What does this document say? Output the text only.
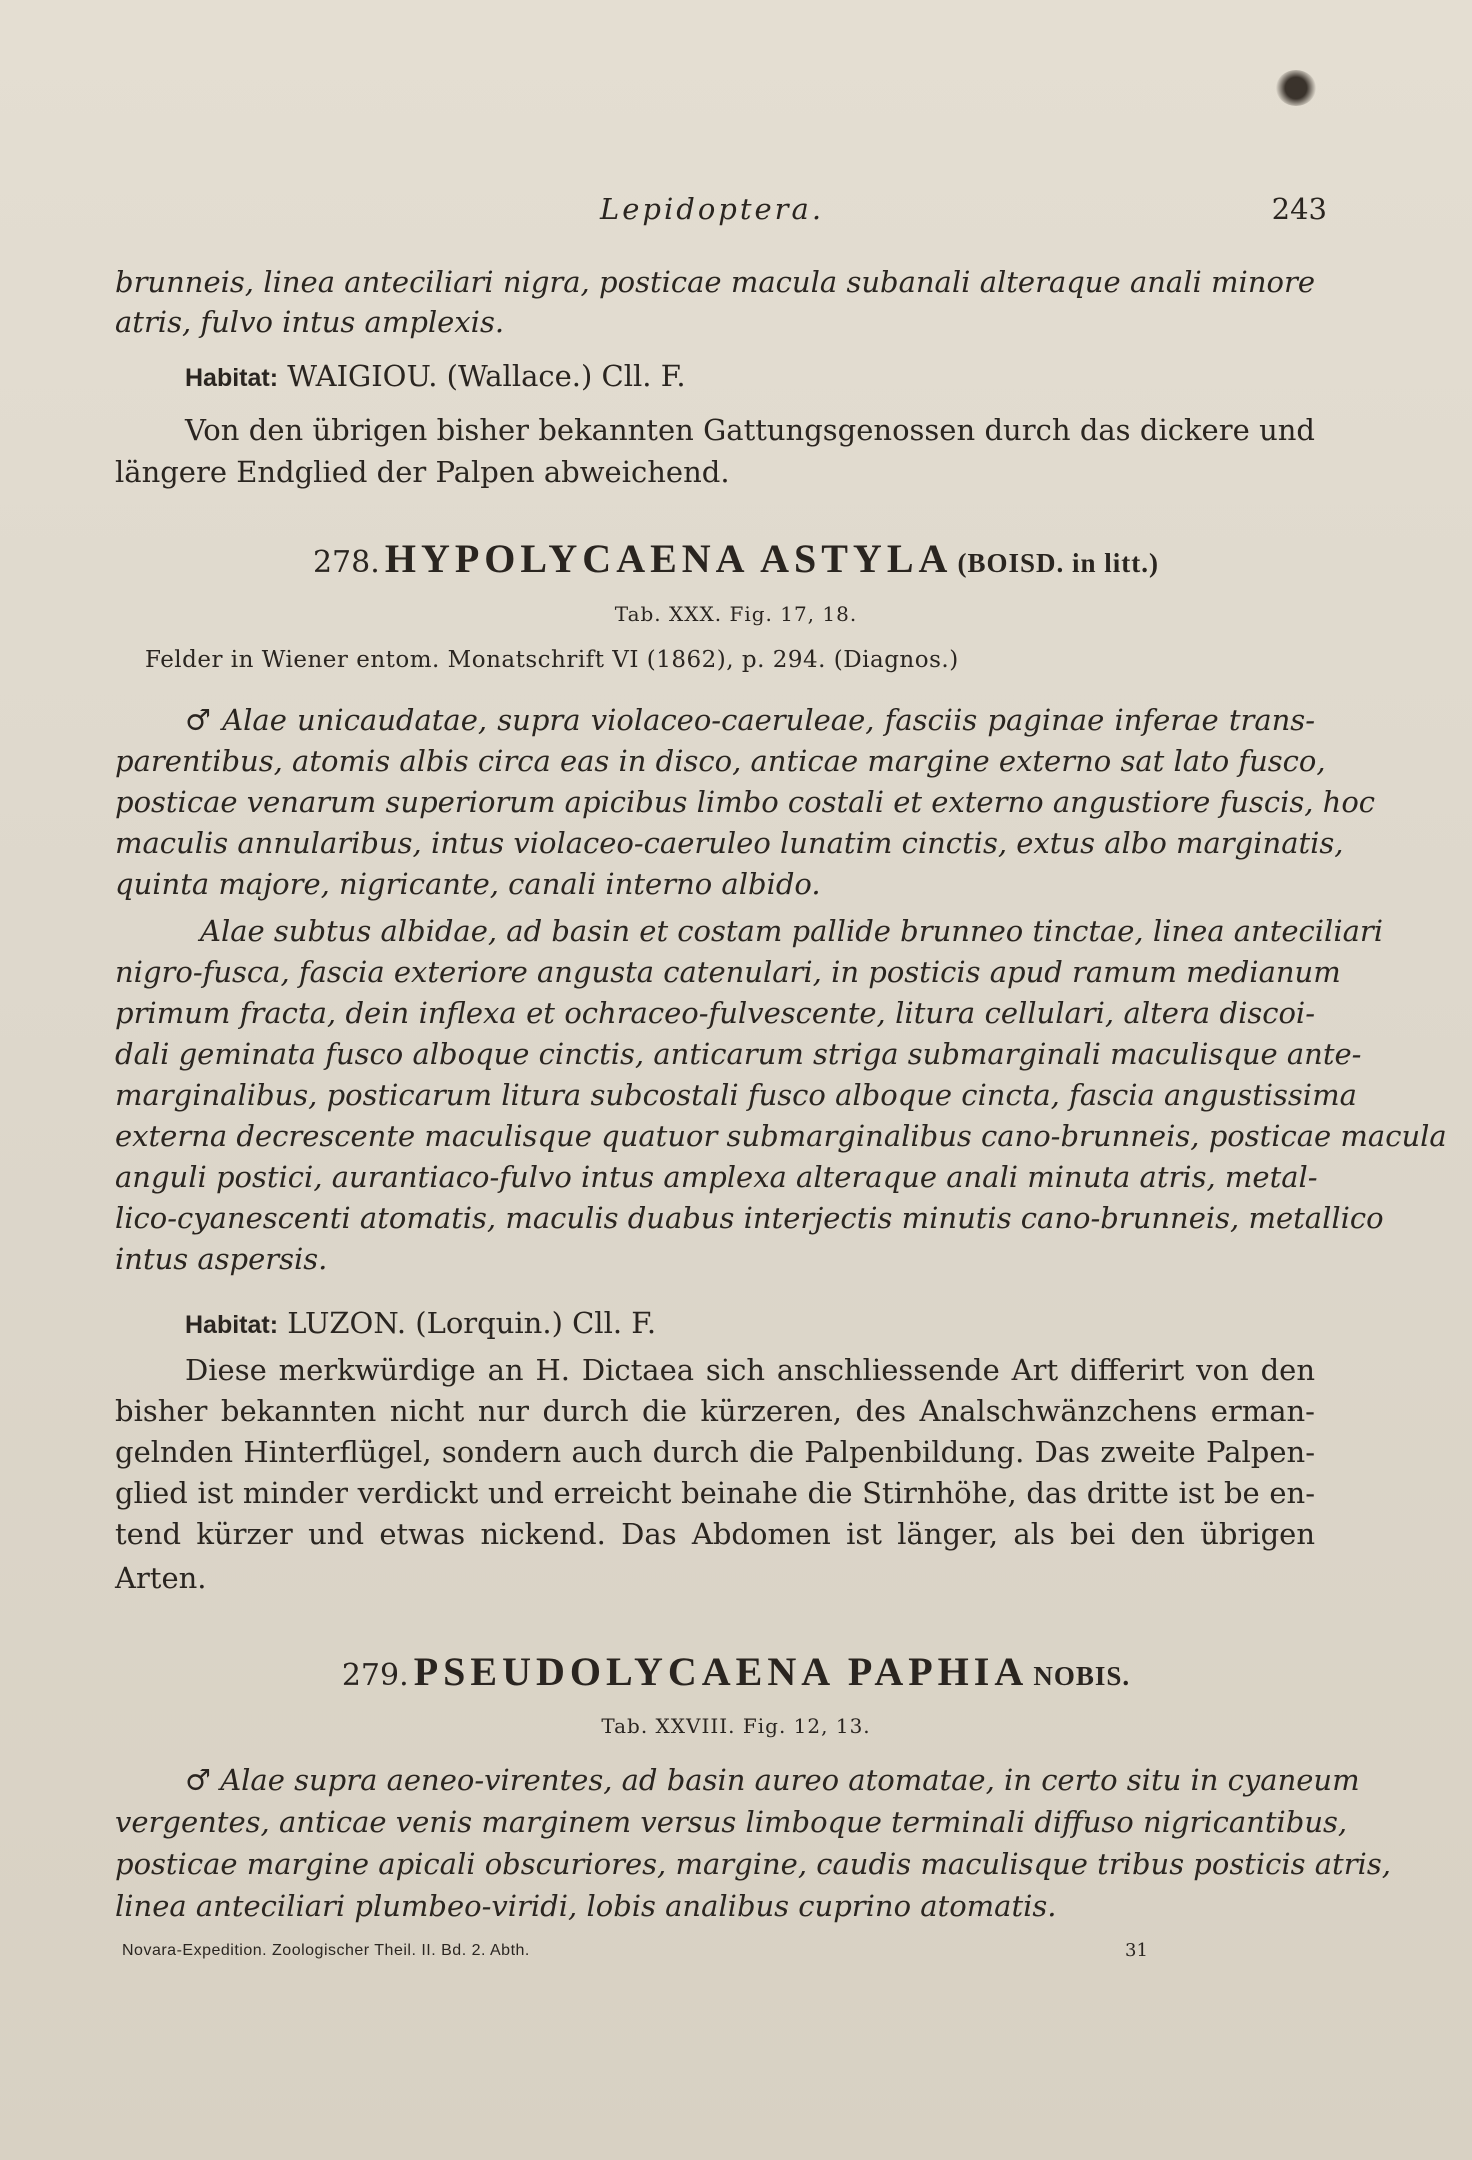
Lepidoptera.	243
brunneis, linea anteciliari nigra, posticae macula subanali alteraque anali minore
atris, fulvo intus amplexis.
Habitat: WAIGIOU. (Wallace.) Cll. F.
Von den übrigen bisher bekannten Gattungsgenossen durch das dickere und
längere Endglied der Palpen abweichend.
278. HYPOLYCAENA ASTYLA (BOISD. in litt.)
Tab. XXX. Fig. 17, 18.
Felder in Wiener entom. Monatschrift VI (1862), p. 294. (Diagnos.)
♂ Alae unicaudatae, supra violaceo-caeruleae, fasciis paginae inferae trans-
parentibus, atomis albis circa eas in disco, anticae margine externo sat lato fusco,
posticae venarum superiorum apicibus limbo costali et externo angustiore fuscis, hoc
maculis annularibus, intus violaceo-caeruleo lunatim cinctis, extus albo marginatis,
quinta majore, nigricante, canali interno albido.
Alae subtus albidae, ad basin et costam pallide brunneo tinctae, linea anteciliari
nigro-fusca, fascia exteriore angusta catenulari, in posticis apud ramum medianum
primum fracta, dein inflexa et ochraceo-fulvescente, litura cellulari, altera discoi-
dali geminata fusco alboque cinctis, anticarum striga submarginali maculisque ante-
marginalibus, posticarum litura subcostali fusco alboque cincta, fascia angustissima
externa decrescente maculisque quatuor submarginalibus cano-brunneis, posticae macula
anguli postici, aurantiaco-fulvo intus amplexa alteraque anali minuta atris, metal-
lico-cyanescenti atomatis, maculis duabus interjectis minutis cano-brunneis, metallico
intus aspersis.
Habitat: LUZON. (Lorquin.) Cll. F.
Diese merkwürdige an H. Dictaea sich anschliessende Art differirt von den
bisher bekannten nicht nur durch die kürzeren, des Analschwänzchens erman-
gelnden Hinterflügel, sondern auch durch die Palpenbildung. Das zweite Palpen-
glied ist minder verdickt und erreicht beinahe die Stirnhöhe, das dritte ist be en-
tend kürzer und etwas nickend. Das Abdomen ist länger, als bei den übrigen
Arten.
279. PSEUDOLYCAENA PAPHIA NOBIS.
Tab. XXVIII. Fig. 12, 13.
♂ Alae supra aeneo-virentes, ad basin aureo atomatae, in certo situ in cyaneum
vergentes, anticae venis marginem versus limboque terminali diffuso nigricantibus,
posticae margine apicali obscuriores, margine, caudis maculisque tribus posticis atris,
linea anteciliari plumbeo-viridi, lobis analibus cuprino atomatis.
Novara-Expedition. Zoologischer Theil. II. Bd. 2. Abth.	31
